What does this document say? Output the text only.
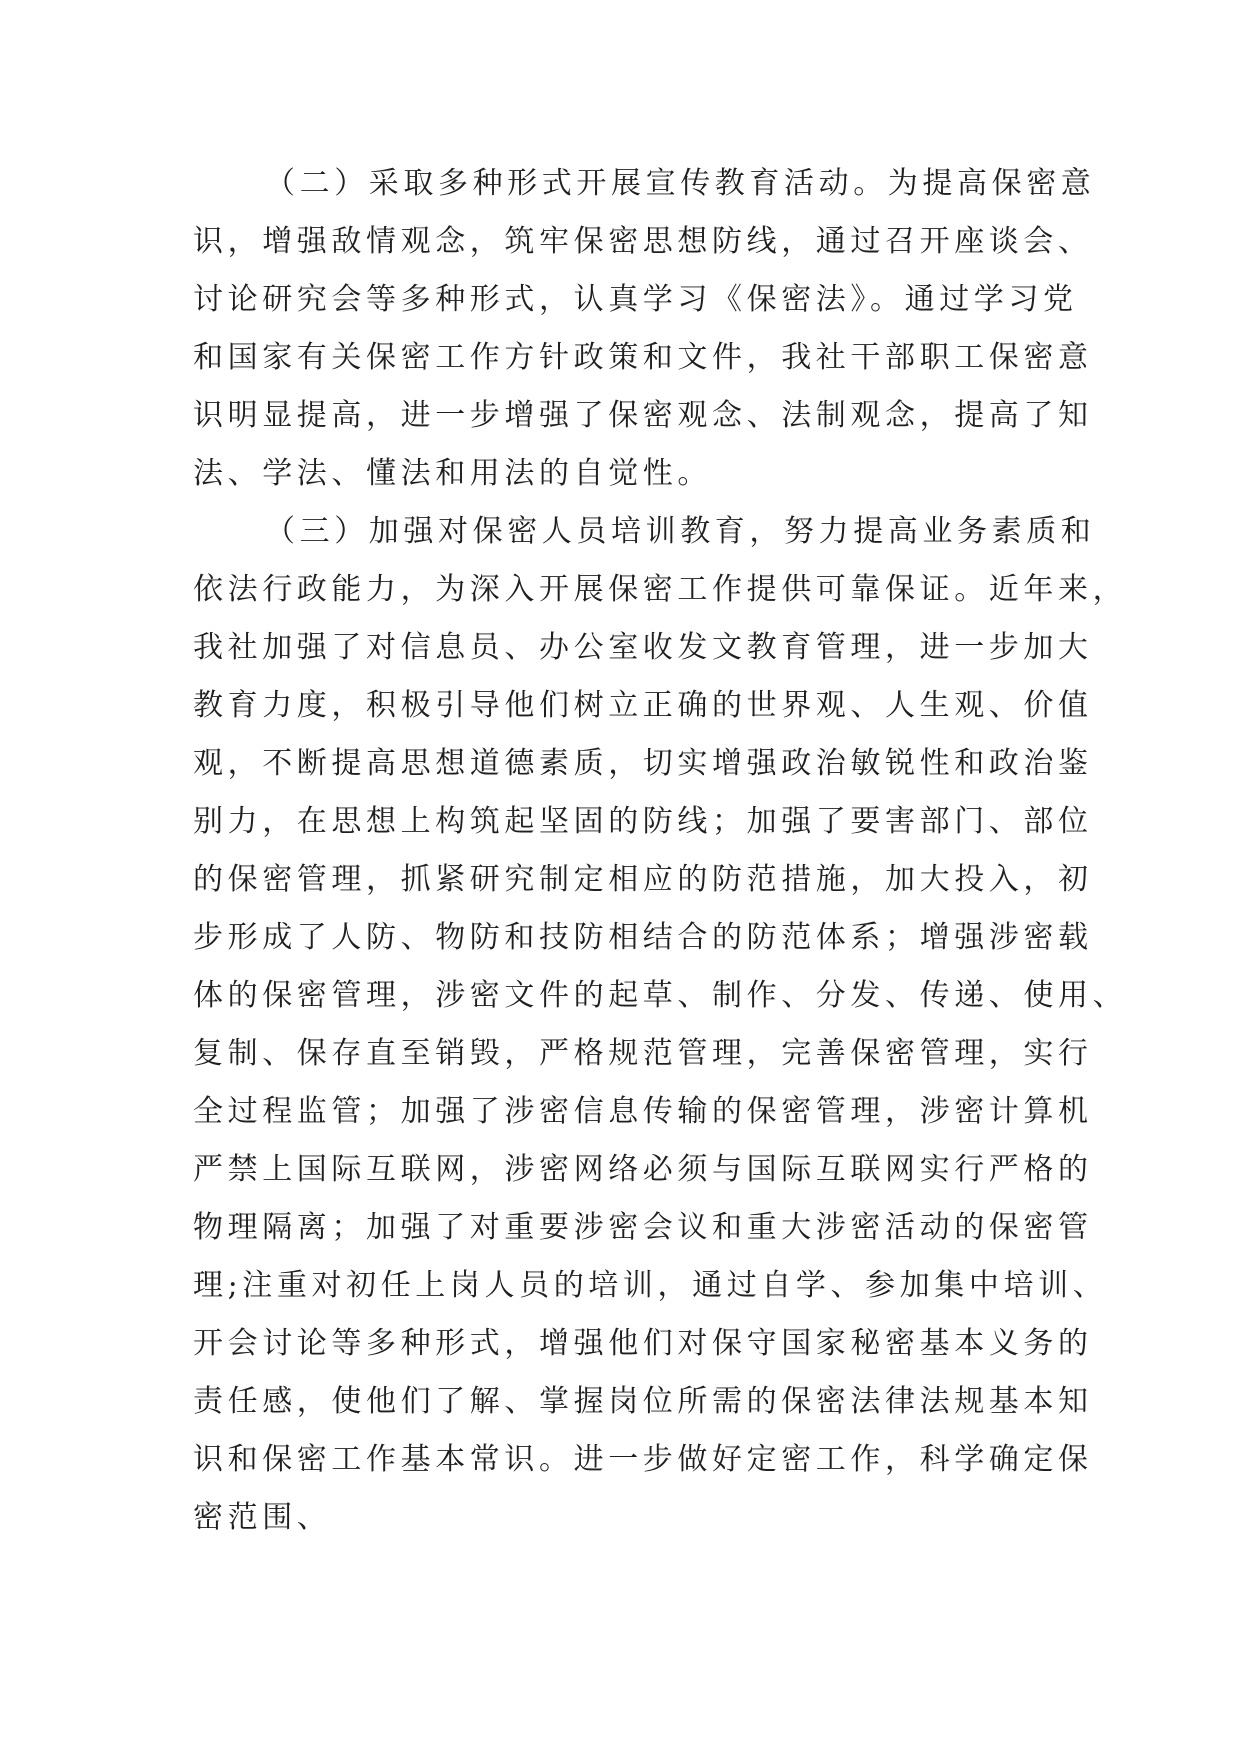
（二）采取多种形式开展宣传教育活动。为提高保密意
识，增强敌情观念，筑牢保密思想防线，通过召开座谈会、
讨论研究会等多种形式，认真学习《保密法》。通过学习党
和国家有关保密工作方针政策和文件，我社干部职工保密意
识明显提高，进一步增强了保密观念、法制观念，提高了知
法、学法、懂法和用法的自觉性。
（三）加强对保密人员培训教育，努力提高业务素质和
依法行政能力，为深入开展保密工作提供可靠保证。近年来，
我社加强了对信息员、办公室收发文教育管理，进一步加大
教育力度，积极引导他们树立正确的世界观、人生观、价值
观，不断提高思想道德素质，切实增强政治敏锐性和政治鉴
别力，在思想上构筑起坚固的防线；加强了要害部门、部位
的保密管理，抓紧研究制定相应的防范措施，加大投入，初
步形成了人防、物防和技防相结合的防范体系；增强涉密载
体的保密管理，涉密文件的起草、制作、分发、传递、使用、
复制、保存直至销毁，严格规范管理，完善保密管理，实行
全过程监管；加强了涉密信息传输的保密管理，涉密计算机
严禁上国际互联网，涉密网络必须与国际互联网实行严格的
物理隔离；加强了对重要涉密会议和重大涉密活动的保密管
理;注重对初任上岗人员的培训，通过自学、参加集中培训、
开会讨论等多种形式，增强他们对保守国家秘密基本义务的
责任感，使他们了解、掌握岗位所需的保密法律法规基本知
识和保密工作基本常识。进一步做好定密工作，科学确定保
密范围、
